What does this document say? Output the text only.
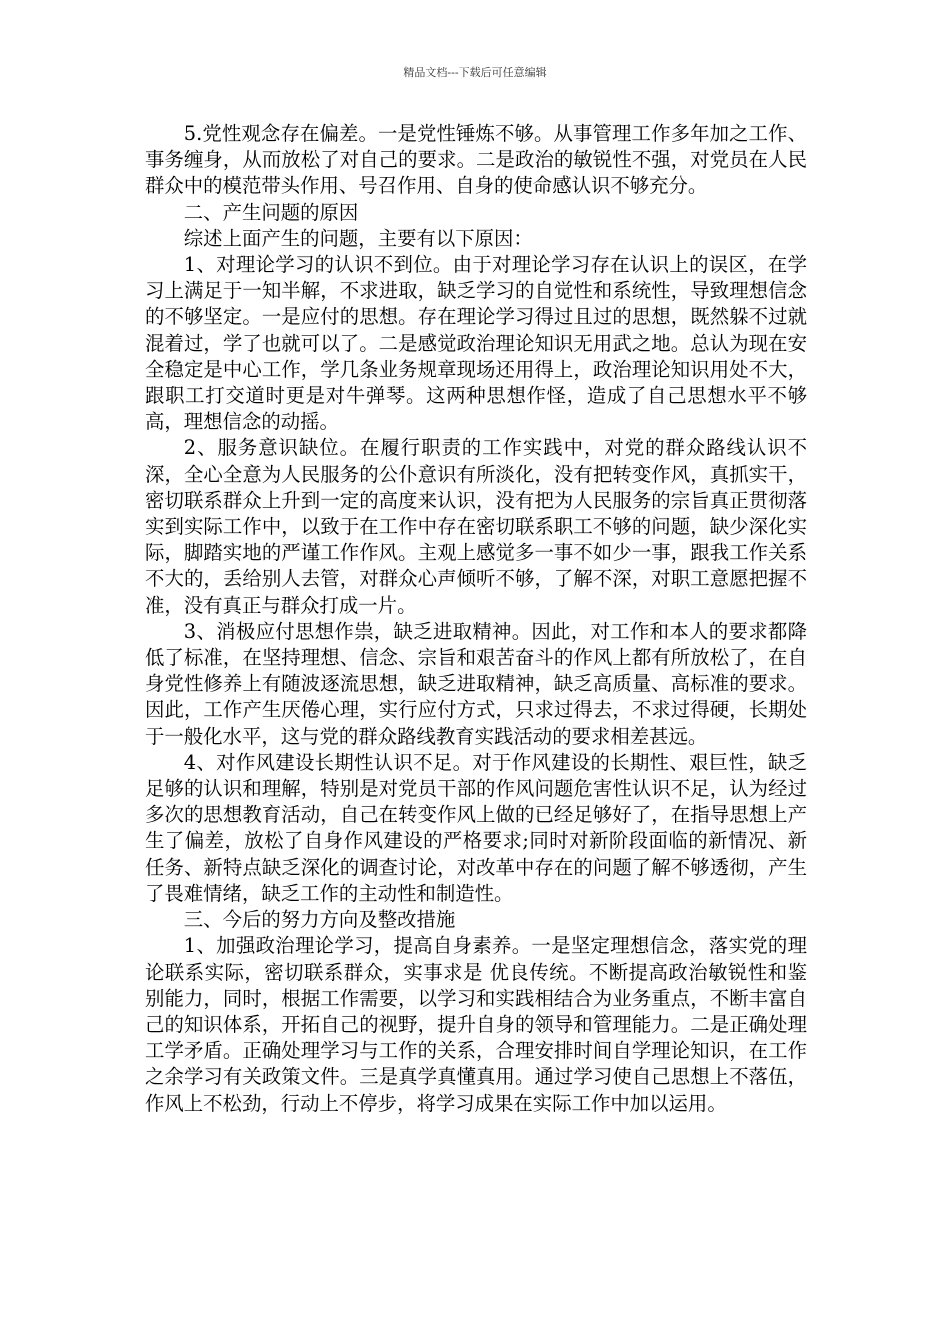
精品文档---下载后可任意编辑

5.党性观念存在偏差。一是党性锤炼不够。从事管理工作多年加之工作、事务缠身，从而放松了对自己的要求。二是政治的敏锐性不强，对党员在人民群众中的模范带头作用、号召作用、自身的使命感认识不够充分。

二、产生问题的原因

综述上面产生的问题，主要有以下原因：

1、对理论学习的认识不到位。由于对理论学习存在认识上的误区，在学习上满足于一知半解，不求进取，缺乏学习的自觉性和系统性，导致理想信念的不够坚定。一是应付的思想。存在理论学习得过且过的思想，既然躲不过就混着过，学了也就可以了。二是感觉政治理论知识无用武之地。总认为现在安全稳定是中心工作，学几条业务规章现场还用得上，政治理论知识用处不大，跟职工打交道时更是对牛弹琴。这两种思想作怪，造成了自己思想水平不够高，理想信念的动摇。

2、服务意识缺位。在履行职责的工作实践中，对党的群众路线认识不深，全心全意为人民服务的公仆意识有所淡化，没有把转变作风，真抓实干，密切联系群众上升到一定的高度来认识，没有把为人民服务的宗旨真正贯彻落实到实际工作中，以致于在工作中存在密切联系职工不够的问题，缺少深化实际，脚踏实地的严谨工作作风。主观上感觉多一事不如少一事，跟我工作关系不大的，丢给别人去管，对群众心声倾听不够，了解不深，对职工意愿把握不准，没有真正与群众打成一片。

3、消极应付思想作祟，缺乏进取精神。因此，对工作和本人的要求都降低了标准，在坚持理想、信念、宗旨和艰苦奋斗的作风上都有所放松了，在自身党性修养上有随波逐流思想，缺乏进取精神，缺乏高质量、高标准的要求。因此，工作产生厌倦心理，实行应付方式，只求过得去，不求过得硬，长期处于一般化水平，这与党的群众路线教育实践活动的要求相差甚远。

4、对作风建设长期性认识不足。对于作风建设的长期性、艰巨性，缺乏足够的认识和理解，特别是对党员干部的作风问题危害性认识不足，认为经过多次的思想教育活动，自己在转变作风上做的已经足够好了，在指导思想上产生了偏差，放松了自身作风建设的严格要求;同时对新阶段面临的新情况、新任务、新特点缺乏深化的调查讨论，对改革中存在的问题了解不够透彻，产生了畏难情绪，缺乏工作的主动性和制造性。

三、今后的努力方向及整改措施

1、加强政治理论学习，提高自身素养。一是坚定理想信念，落实党的理论联系实际，密切联系群众，实事求是 优良传统。不断提高政治敏锐性和鉴别能力，同时，根据工作需要，以学习和实践相结合为业务重点，不断丰富自己的知识体系，开拓自己的视野，提升自身的领导和管理能力。二是正确处理工学矛盾。正确处理学习与工作的关系，合理安排时间自学理论知识，在工作之余学习有关政策文件。三是真学真懂真用。通过学习使自己思想上不落伍，作风上不松劲，行动上不停步，将学习成果在实际工作中加以运用。
